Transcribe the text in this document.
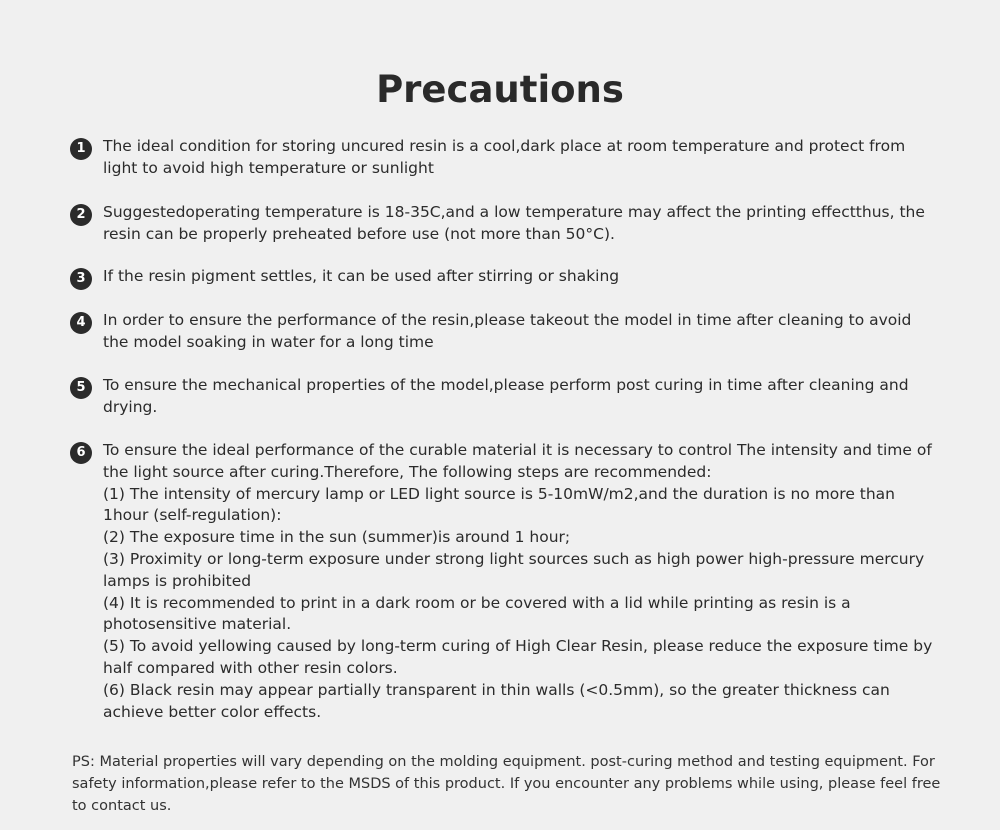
Precautions
1	The ideal condition for storing uncured resin is a cool,dark place at room temperature and protect from light to avoid high temperature or sunlight
2	Suggestedoperating temperature is 18-35C,and a low temperature may affect the printing effectthus, the resin can be properly preheated before use (not more than 50°C).
3	If the resin pigment settles, it can be used after stirring or shaking
4	In order to ensure the performance of the resin,please takeout the model in time after cleaning to avoid the model soaking in water for a long time
5	To ensure the mechanical properties of the model,please perform post curing in time after cleaning and drying.
6	To ensure the ideal performance of the curable material it is necessary to control The intensity and time of the light source after curing.Therefore, The following steps are recommended:
(1) The intensity of mercury lamp or LED light source is 5-10mW/m2,and the duration is no more than 1hour (self-regulation):
(2) The exposure time in the sun (summer)is around 1 hour;
(3) Proximity or long-term exposure under strong light sources such as high power high-pressure mercury lamps is prohibited
(4) It is recommended to print in a dark room or be covered with a lid while printing as resin is a photosensitive material.
(5) To avoid yellowing caused by long-term curing of High Clear Resin, please reduce the exposure time by half compared with other resin colors.
(6) Black resin may appear partially transparent in thin walls (<0.5mm), so the greater thickness can achieve better color effects.
PS: Material properties will vary depending on the molding equipment. post-curing method and testing equipment. For safety information,please refer to the MSDS of this product. If you encounter any problems while using, please feel free to contact us.
